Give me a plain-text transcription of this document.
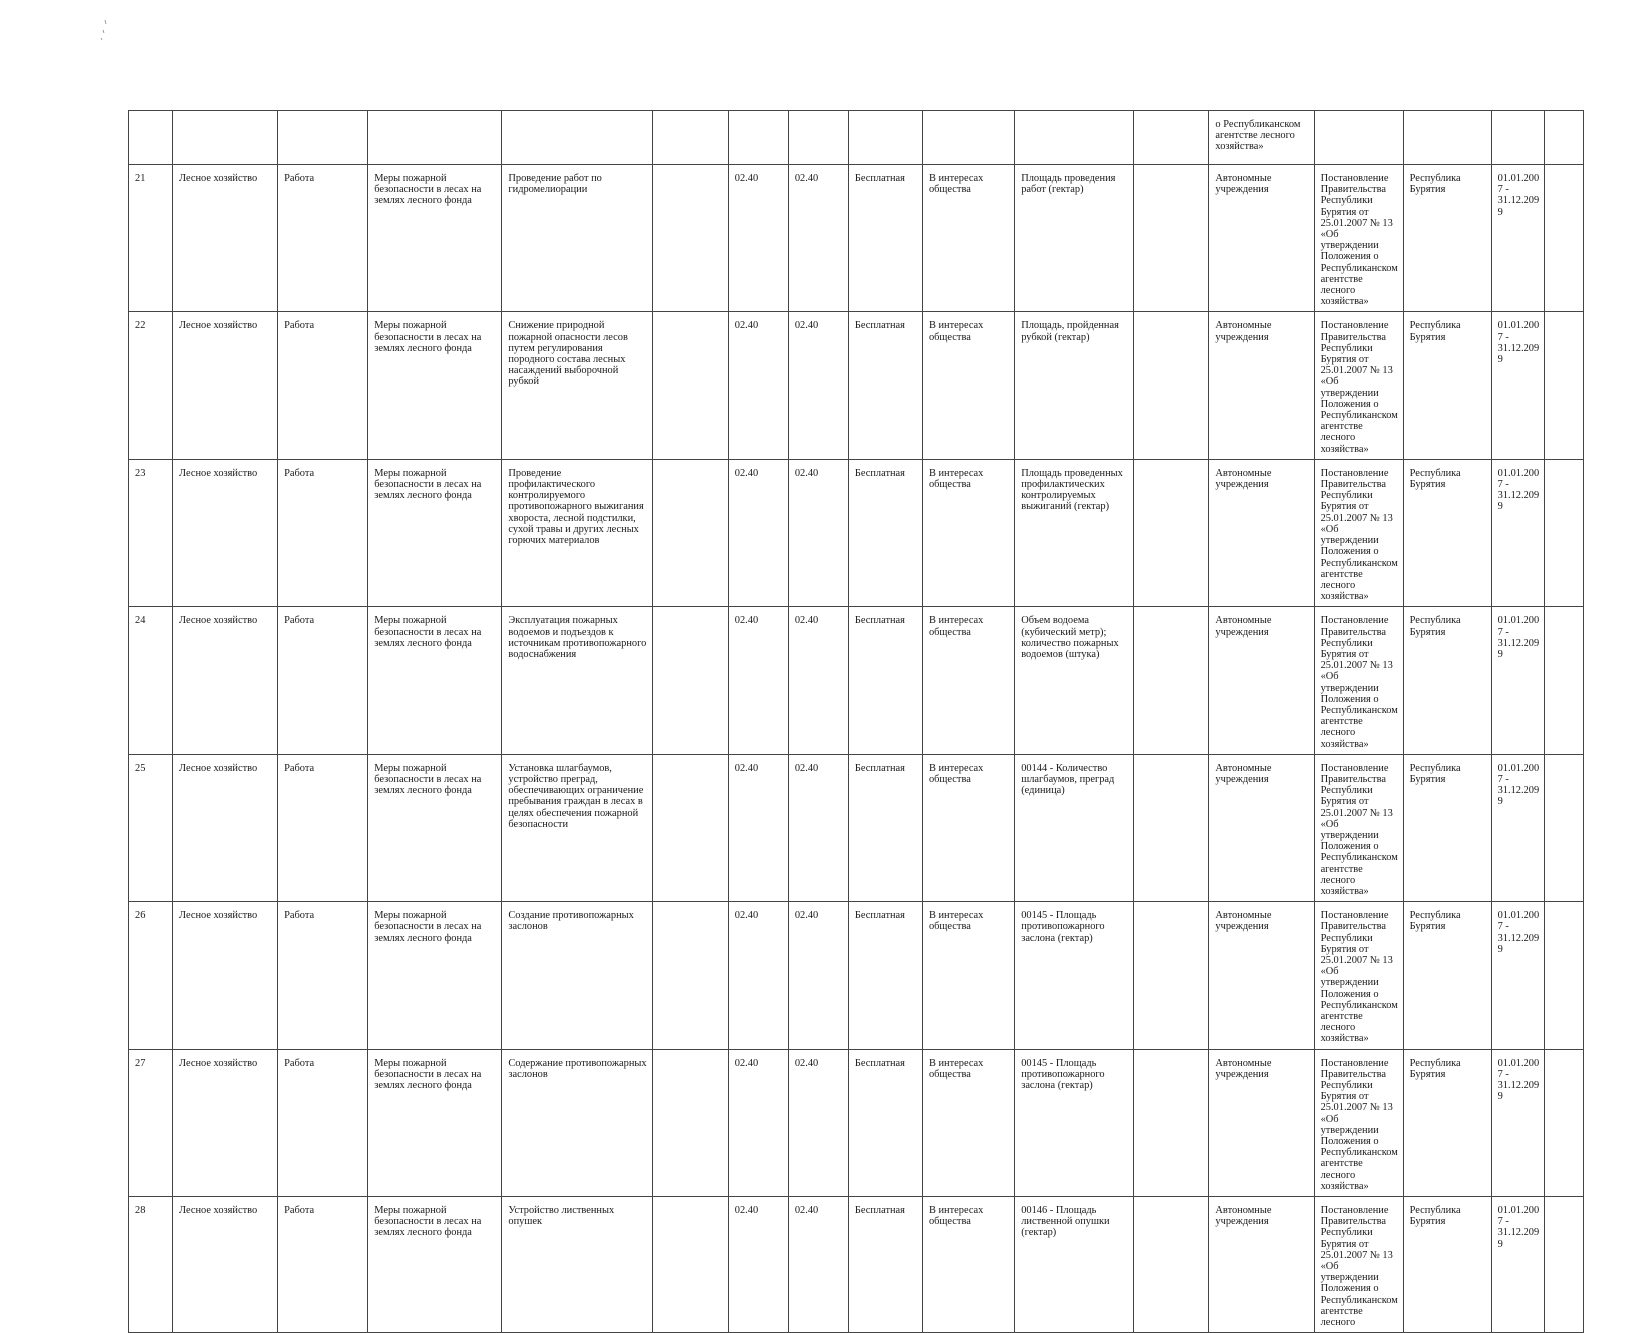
												о Республиканском агентстве лесного хозяйства»				
21	Лесное хозяйство	Работа	Меры пожарной безопасности в лесах на землях лесного фонда	Проведение работ по гидромелиорации		02.40	02.40	Бесплатная	В интересах общества	Площадь проведения работ (гектар)		Автономные учреждения	Постановление Правительства Республики Бурятия от 25.01.2007 № 13 «Об утверждении Положения о Республиканском агентстве лесного хозяйства»	Республика Бурятия	01.01.2007 - 31.12.2099	
22	Лесное хозяйство	Работа	Меры пожарной безопасности в лесах на землях лесного фонда	Снижение природной пожарной опасности лесов путем регулирования породного состава лесных насаждений выборочной рубкой		02.40	02.40	Бесплатная	В интересах общества	Площадь, пройденная рубкой (гектар)		Автономные учреждения	Постановление Правительства Республики Бурятия от 25.01.2007 № 13 «Об утверждении Положения о Республиканском агентстве лесного хозяйства»	Республика Бурятия	01.01.2007 - 31.12.2099	
23	Лесное хозяйство	Работа	Меры пожарной безопасности в лесах на землях лесного фонда	Проведение профилактического контролируемого противопожарного выжигания хвороста, лесной подстилки, сухой травы и других лесных горючих материалов		02.40	02.40	Бесплатная	В интересах общества	Площадь проведенных профилактических контролируемых выжиганий (гектар)		Автономные учреждения	Постановление Правительства Республики Бурятия от 25.01.2007 № 13 «Об утверждении Положения о Республиканском агентстве лесного хозяйства»	Республика Бурятия	01.01.2007 - 31.12.2099	
24	Лесное хозяйство	Работа	Меры пожарной безопасности в лесах на землях лесного фонда	Эксплуатация пожарных водоемов и подъездов к источникам противопожарного водоснабжения		02.40	02.40	Бесплатная	В интересах общества	Объем водоема (кубический метр); количество пожарных водоемов (штука)		Автономные учреждения	Постановление Правительства Республики Бурятия от 25.01.2007 № 13 «Об утверждении Положения о Республиканском агентстве лесного хозяйства»	Республика Бурятия	01.01.2007 - 31.12.2099	
25	Лесное хозяйство	Работа	Меры пожарной безопасности в лесах на землях лесного фонда	Установка шлагбаумов, устройство преград, обеспечивающих ограничение пребывания граждан в лесах в целях обеспечения пожарной безопасности		02.40	02.40	Бесплатная	В интересах общества	00144 - Количество шлагбаумов, преград (единица)		Автономные учреждения	Постановление Правительства Республики Бурятия от 25.01.2007 № 13 «Об утверждении Положения о Республиканском агентстве лесного хозяйства»	Республика Бурятия	01.01.2007 - 31.12.2099	
26	Лесное хозяйство	Работа	Меры пожарной безопасности в лесах на землях лесного фонда	Создание противопожарных заслонов		02.40	02.40	Бесплатная	В интересах общества	00145 - Площадь противопожарного заслона (гектар)		Автономные учреждения	Постановление Правительства Республики Бурятия от 25.01.2007 № 13 «Об утверждении Положения о Республиканском агентстве лесного хозяйства»	Республика Бурятия	01.01.2007 - 31.12.2099	
27	Лесное хозяйство	Работа	Меры пожарной безопасности в лесах на землях лесного фонда	Содержание противопожарных заслонов		02.40	02.40	Бесплатная	В интересах общества	00145 - Площадь противопожарного заслона (гектар)		Автономные учреждения	Постановление Правительства Республики Бурятия от 25.01.2007 № 13 «Об утверждении Положения о Республиканском агентстве лесного хозяйства»	Республика Бурятия	01.01.2007 - 31.12.2099	
28	Лесное хозяйство	Работа	Меры пожарной безопасности в лесах на землях лесного фонда	Устройство лиственных опушек		02.40	02.40	Бесплатная	В интересах общества	00146 - Площадь лиственной опушки (гектар)		Автономные учреждения	Постановление Правительства Республики Бурятия от 25.01.2007 № 13 «Об утверждении Положения о Республиканском агентстве лесного	Республика Бурятия	01.01.2007 - 31.12.2099	
